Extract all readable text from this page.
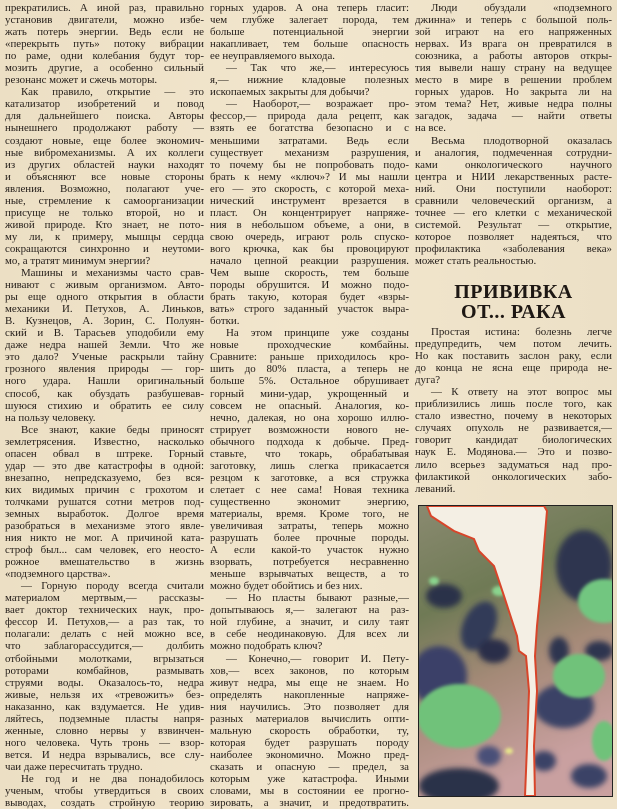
прекратились. А иной раз, правильно
установив двигатели, можно избе-
жать потерь энергии. Ведь если не
«перекрыть путь» потоку вибрации
по раме, одни колебания будут тор-
мозить другие, а особенно сильный
резонанс может и сжечь моторы.
Как правило, открытие — это
катализатор изобретений и повод
для дальнейшего поиска. Авторы
нынешнего продолжают работу —
создают новые, еще более экономич-
ные вибромеханизмы. А их коллеги
из других областей науки находят
и объясняют все новые стороны
явления. Возможно, полагают уче-
ные, стремление к самоорганизации
присуще не только второй, но и
живой природе. Кто знает, не пото-
му ли, к примеру, мышцы сердца
сокращаются синхронно и неутоми-
мо, а тратят минимум энергии?
Машины и механизмы часто срав-
нивают с живым организмом. Авто-
ры еще одного открытия в области
механики И. Петухов, А. Линьков,
В. Кузнецов, А. Зорин, С. Полуян-
ский и В. Тарасьев уподобили ему
даже недра нашей Земли. Что же
это дало? Ученые раскрыли тайну
грозного явления природы — гор-
ного удара. Нашли оригинальный
способ, как обуздать разбушевав-
шуюся стихию и обратить ее силу
на пользу человеку.
Все знают, какие беды приносят
землетрясения. Известно, насколько
опасен обвал в штреке. Горный
удар — это две катастрофы в одной:
внезапно, непредсказуемо, без вся-
ких видимых причин с грохотом и
толчками рушатся сотни метров под-
земных выработок. Долгое время
разобраться в механизме этого явле-
ния никто не мог. А причиной ката-
строф был... сам человек, его неосто-
рожное вмешательство в жизнь
«подземного царства».
— Горную породу всегда считали
материалом мертвым,— рассказы-
вает доктор технических наук, про-
фессор И. Петухов,— а раз так, то
полагали: делать с ней можно все,
что заблагорассудится,— долбить
отбойными молотками, вгрызаться
роторами комбайнов, размывать
струями воды. Оказалось-то, недра
живые, нельзя их «тревожить» без-
наказанно, как вздумается. Не удив-
ляйтесь, подземные пласты напря-
женные, словно нервы у взвинчен-
ного человека. Чуть тронь — взор-
вется. И недра взрывались, все слу-
чаи даже пересчитать трудно.
Не год и не два понадобилось
ученым, чтобы утвердиться в своих
выводах, создать стройную теорию
горных ударов. А она теперь гласит:
чем глубже залегает порода, тем
больше потенциальной энергии
накапливает, тем больше опасность
ее неуправляемого выхода.
— Так что же,— интересуюсь
я,— нижние кладовые полезных
ископаемых закрыты для добычи?
— Наоборот,— возражает про-
фессор,— природа дала рецепт, как
взять ее богатства безопасно и с
меньшими затратами. Ведь если
существует механизм разрушения,
то почему бы не попробовать подо-
брать к нему «ключ»? И мы нашли
его — это скорость, с которой меха-
нический инструмент врезается в
пласт. Он концентрирует напряже-
ния в небольшом объеме, а они, в
свою очередь, играют роль спуско-
вого крючка, как бы провоцируют
начало цепной реакции разрушения.
Чем выше скорость, тем больше
породы обрушится. И можно подо-
брать такую, которая будет «взры-
вать» строго заданный участок выра-
ботки.
На этом принципе уже созданы
новые проходческие комбайны.
Сравните: раньше приходилось кро-
шить до 80% пласта, а теперь не
больше 5%. Остальное обрушивает
горный мини-удар, укрощенный и
совсем не опасный. Аналогия, ко-
нечно, далекая, но она хорошо иллю-
стрирует возможности нового не-
обычного подхода к добыче. Пред-
ставьте, что токарь, обрабатывая
заготовку, лишь слегка прикасается
резцом к заготовке, а вся стружка
слетает с нее сама! Новая техника
существенно экономит энергию,
материалы, время. Кроме того, не
увеличивая затраты, теперь можно
разрушать более прочные породы.
А если какой-то участок нужно
взорвать, потребуется несравненно
меньше взрывчатых веществ, а то
можно будет обойтись и без них.
— Но пласты бывают разные,—
допытываюсь я,— залегают на раз-
ной глубине, а значит, и силу таят
в себе неодинаковую. Для всех ли
можно подобрать ключ?
— Конечно,— говорит И. Пету-
хов,— всех законов, по которым
живут недра, мы еще не знаем. Но
определять накопленные напряже-
ния научились. Это позволяет для
разных материалов вычислить опти-
мальную скорость обработки, ту,
которая будет разрушать породу
наиболее экономично. Можно пред-
сказать и опасную — предел, за
которым уже катастрофа. Иными
словами, мы в состоянии ее прогно-
зировать, а значит, и предотвратить.
Люди обуздали «подземного
джинна» и теперь с большой поль-
зой играют на его напряженных
нервах. Из врага он превратился в
союзника, а работы авторов откры-
тия вывели нашу страну на ведущее
место в мире в решении проблем
горных ударов. Но закрыта ли на
этом тема? Нет, живые недра полны
загадок, задача — найти ответы
на все.
Весьма плодотворной оказалась
и аналогия, подмеченная сотрудни-
ками онкологического научного
центра и НИИ лекарственных расте-
ний. Они поступили наоборот:
сравнили человеческий организм, а
точнее — его клетки с механической
системой. Результат — открытие,
которое позволяет надеяться, что
профилактика «заболевания века»
может стать реальностью.
ПРИВИВКА
ОТ... РАКА
Простая истина: болезнь легче
предупредить, чем потом лечить.
Но как поставить заслон раку, если
до конца не ясна еще природа не-
дуга?
— К ответу на этот вопрос мы
приблизились лишь после того, как
стало известно, почему в некоторых
случаях опухоль не развивается,—
говорит кандидат биологических
наук Е. Модянова.— Это и позво-
лило всерьез задуматься над про-
филактикой онкологических забо-
леваний.
